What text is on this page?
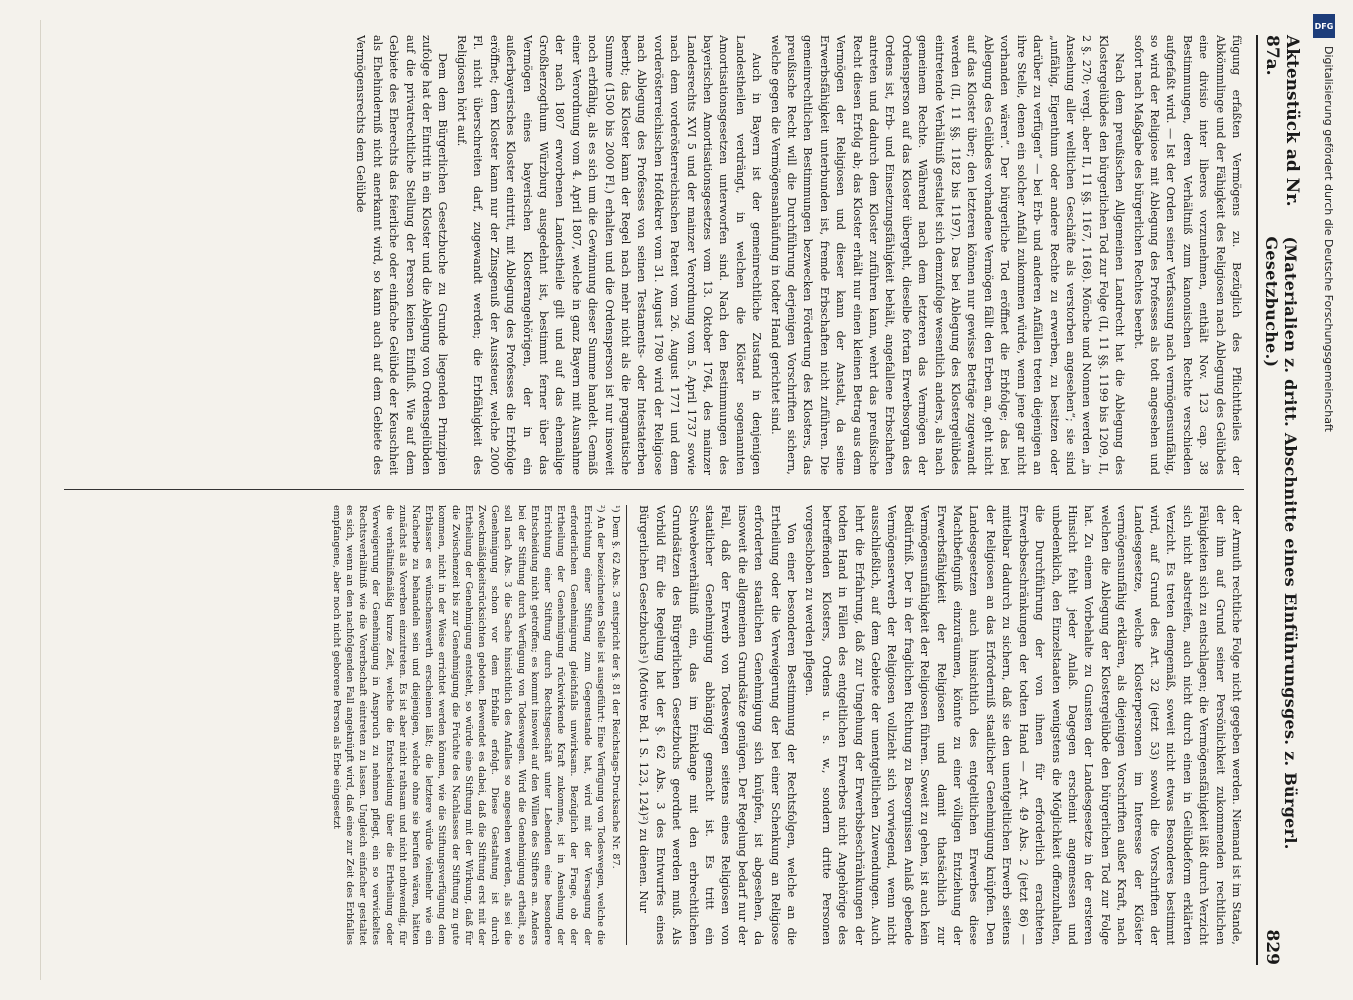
Aktenstück ad Nr. 87a.
(Materialien z. dritt. Abschnitte eines Einführungsges. z. Bürgerl. Gesetzbuche.)
829

fügung erfaßten Vermögens zu. Bezüglich des Pflichttheiles der Abkömmlinge und der Fähigkeit des Religiosen nach Ablegung des Gelübdes eine divisio inter liberos vorzunehmen, enthält Nov. 123 cap. 38 Bestimmungen, deren Verhältniß zum kanonischen Rechte verschieden aufgefaßt wird. — Ist der Orden seiner Verfassung nach vermögensunfähig, so wird der Religiose mit Ablegung des Professes als todt angesehen und sofort nach Maßgabe des bürgerlichen Rechtes beerbt.

Nach dem preußischen Allgemeinen Landrecht hat die Ablegung des Klostergelübdes den bürgerlichen Tod zur Folge (II, 11 §§. 1199 bis 1209, II, 2 §. 270; vergl. aber II, 11 §§. 1167, 1168). Mönche und Nonnen werden „in Ansehung aller weltlichen Geschäfte als verstorben angesehen“; sie sind „unfähig, Eigenthum oder andere Rechte zu erwerben, zu besitzen oder darüber zu verfügen“ — bei Erb- und anderen Anfällen treten diejenigen an ihre Stelle, denen ein solcher Anfall zukommen würde, wenn jene gar nicht vorhanden wären“. Der bürgerliche Tod eröffnet die Erbfolge; das bei Ablegung des Gelübdes vorhandene Vermögen fällt den Erben an, geht nicht auf das Kloster über; den letzteren können nur gewisse Beträge zugewandt werden (II, 11 §§. 1182 bis 1197). Das bei Ablegung des Klostergelübdes eintretende Verhältniß gestaltet sich demzufolge wesentlich anders, als nach gemeinem Rechte. Während nach dem letzteren das Vermögen der Ordensperson auf das Kloster übergeht, dieselbe fortan Erwerbsorgan des Ordens ist, Erb- und Einsetzungsfähigkeit behält, angefallene Erbschaften antreten und dadurch dem Kloster zuführen kann, wehrt das preußische Recht diesen Erfolg ab; das Kloster erhält nur einen kleinen Betrag aus dem Vermögen der Religiosen und dieser kann der Anstalt, da seine Erwerbsfähigkeit unterbunden ist, fremde Erbschaften nicht zuführen. Die gemeinrechtlichen Bestimmungen bezwecken Förderung des Klosters, das preußische Recht will die Durchführung derjenigen Vorschriften sichern, welche gegen die Vermögensanhäufung in todter Hand gerichtet sind.

Auch in Bayern ist der gemeinrechtliche Zustand in denjenigen Landestheilen verdrängt, in welchen die Klöster sogenannten Amortisationsgesetzen unterworfen sind. Nach den Bestimmungen des bayerischen Amortisationsgesetzes vom 13. Oktober 1764, des mainzer Landesrechts XVI 5 und der mainzer Verordnung vom 5. April 1737 sowie nach dem vorderösterreichischen Patent vom 26. August 1771 und dem vorderösterreichischen Hofdekret vom 31. August 1780 wird der Religiose nach Ablegung des Professes von seinen Testaments- oder Intestaterben beerbt; das Kloster kann der Regel nach mehr nicht als die pragmatische Summe (1500 bis 2000 Fl.) erhalten und die Ordensperson ist nur insoweit noch erbfähig, als es sich um die Gewinnung dieser Summe handelt. Gemäß einer Verordnung vom 4. April 1807, welche in ganz Bayern mit Ausnahme der nach 1807 erworbenen Landestheile gilt und auf das ehemalige Großherzogthum Würzburg ausgedehnt ist, bestimmt ferner über das Vermögen eines bayerischen Klosterangehörigen, der in ein außerbayerisches Kloster eintritt, mit Ablegung des Professes die Erbfolge eröffnet; dem Kloster kann nur der Zinsgenuß der Aussteuer, welche 2000 Fl. nicht überschreiten darf, zugewandt werden; die Erbfähigkeit des Religiosen hört auf.

Dem dem Bürgerlichen Gesetzbuche zu Grunde liegenden Prinzipien zufolge hat der Eintritt in ein Kloster und die Ablegung von Ordensgelübden auf die privatrechtliche Stellung der Person keinen Einfluß. Wie auf dem Gebiete des Eherechts das feierliche oder einfache Gelübde der Keuschheit als Ehehinderniß nicht anerkannt wird, so kann auch auf dem Gebiete des Vermögensrechts dem Gelübde

der Armuth rechtliche Folge nicht gegeben werden. Niemand ist im Stande, der ihm auf Grund seiner Persönlichkeit zukommenden rechtlichen Fähigkeiten sich zu entschlagen; die Vermögensfähigkeit läßt durch Verzicht sich nicht abstreifen, auch nicht durch einen in Gelübdeform erklärten Verzicht. Es treten demgemäß, soweit nicht etwas Besonderes bestimmt wird, auf Grund des Art. 32 (jetzt 53) sowohl die Vorschriften der Landesgesetze, welche Klosterpersonen im Interesse der Klöster vermögensunfähig erklären, als diejenigen Vorschriften außer Kraft, nach welchen die Ablegung der Klostergelübde den bürgerlichen Tod zur Folge hat. Zu einem Vorbehalte zu Gunsten der Landesgesetze in der ersteren Hinsicht fehlt jeder Anlaß. Dagegen erscheint angemessen und unbedenklich, den Einzelstaaten wenigstens die Möglichkeit offenzuhalten, die Durchführung der von ihnen für erforderlich erachteten Erwerbsbeschränkungen der todten Hand — Art. 49 Abs. 2 (jetzt 86) — mittelbar dadurch zu sichern, daß sie den unentgeltlichen Erwerb seitens der Religiosen an das Erforderniß staatlicher Genehmigung knüpfen. Den Landesgesetzen auch hinsichtlich des entgeltlichen Erwerbes diese Machtbefugniß einzuräumen, könnte zu einer völligen Entziehung der Erwerbsfähigkeit der Religiosen und damit thatsächlich zur Vermögensunfähigkeit der Religiosen führen. Soweit zu gehen, ist auch kein Bedürfniß. Der in der fraglichen Richtung zu Besorgnissen Anlaß gebende Vermögenserwerb der Religiosen vollzieht sich vorwiegend, wenn nicht ausschließlich, auf dem Gebiete der unentgeltlichen Zuwendungen. Auch lehrt die Erfahrung, daß zur Umgehung der Erwerbsbeschränkungen der todten Hand in Fällen des entgeltlichen Erwerbes nicht Angehörige des betreffenden Klosters, Ordens u. s. w., sondern dritte Personen vorgeschoben zu werden pflegen.

Von einer besonderen Bestimmung der Rechtsfolgen, welche an die Ertheilung oder die Verweigerung der bei einer Schenkung an Religiose erforderten staatlichen Genehmigung sich knüpfen, ist abgesehen, da insoweit die allgemeinen Grundsätze genügen. Der Regelung bedarf nur der Fall, daß der Erwerb von Todeswegen seitens eines Religiosen von staatlicher Genehmigung abhängig gemacht ist. Es tritt ein Schwebeverhältniß ein, das im Einklange mit den erbrechtlichen Grundsätzen des Bürgerlichen Gesetzbuchs geordnet werden muß. Als Vorbild für die Regelung hat der §. 62 Abs. 3 des Entwurfes eines Bürgerlichen Gesetzbuchs¹) (Motive Bd. 1 S. 123, 124)²) zu dienen. Nur

¹) Dem §. 62 Abs. 3 entspricht der §. 81 der Reichstags-Drucksache Nr. 87.

²) An der bezeichneten Stelle ist ausgeführt: Eine Verfügung von Todeswegen, welche die Errichtung einer Stiftung zum Gegenstande hat, wird mit der Versagung der erforderlichen Genehmigung gleichfalls unwirksam. Bezüglich der Frage, ob der Ertheilung der Genehmigung rückwirkende Kraft zukomme, ist in Ansehung der Errichtung einer Stiftung durch Rechtsgeschäft unter Lebenden eine besondere Entscheidung nicht getroffen; es kommt insoweit auf den Willen des Stifters an. Anders bei der Stiftung durch Verfügung von Todeswegen. Wird die Genehmigung ertheilt, so soll nach Abs. 3 die Sache hinsichtlich des Anfalles so angesehen werden, als sei die Genehmigung schon vor dem Erbfalle erfolgt. Diese Gestaltung ist durch Zweckmäßigkeitsrücksichten geboten. Bewendet es dabei, daß die Stiftung erst mit der Ertheilung der Genehmigung entsteht, so würde eine Stiftung mit der Wirkung, daß für die Zwischenzeit bis zur Genehmigung die Früchte des Nachlasses der Stiftung zu gute kommen, nicht in der Weise errichtet werden können, wie die Stiftungsverfügung dem Erblasser es wünschenswerth erscheinen läßt; die letztere würde vielmehr wie ein Nacherbe zu behandeln sein und diejenigen, welche ohne sie berufen wären, hätten zunächst als Vorerben einzutreten. Es ist aber nicht rathsam und nicht nothwendig, für die verhältnißmäßig kurze Zeit, welche die Entscheidung über die Ertheilung oder Verweigerung der Genehmigung in Anspruch zu nehmen pflegt, ein so verwickeltes Rechtsverhältniß wie die Vorerbschaft eintreten zu lassen. Ungleich einfacher gestaltet es sich, wenn an den nachfolgenden Fall angeknüpft wird, daß eine zur Zeit des Erbfalles empfangene, aber noch nicht geborene Person als Erbe eingesetzt

DFG
Digitalisierung gefördert durch die Deutsche Forschungsgemeinschaft
